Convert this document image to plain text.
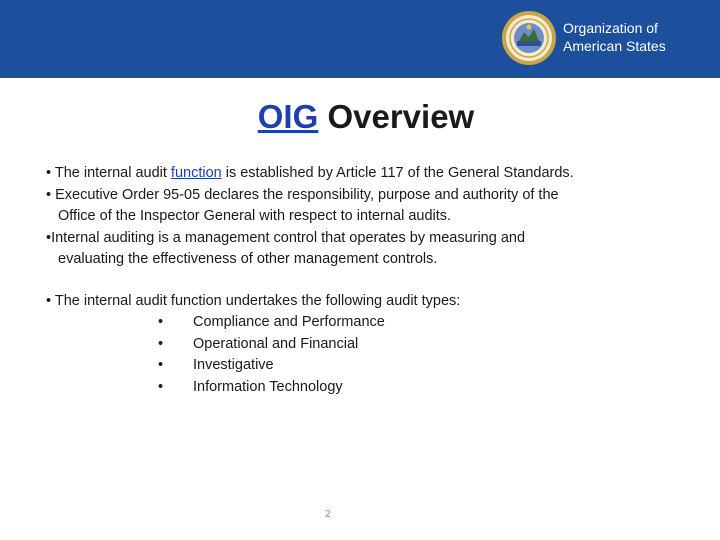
Organization of
American States
OIG Overview

• The internal audit function is established by Article 117 of the General Standards.

• Executive Order 95-05 declares the responsibility, purpose and authority of the
Office of the Inspector General with respect to internal audits.

•Internal auditing is a management control that operates by measuring and
evaluating the effectiveness of other management controls.

• The internal audit function undertakes the following audit types:

• Compliance and Performance
• Operational and Financial
• Investigative
• Information Technology
2
